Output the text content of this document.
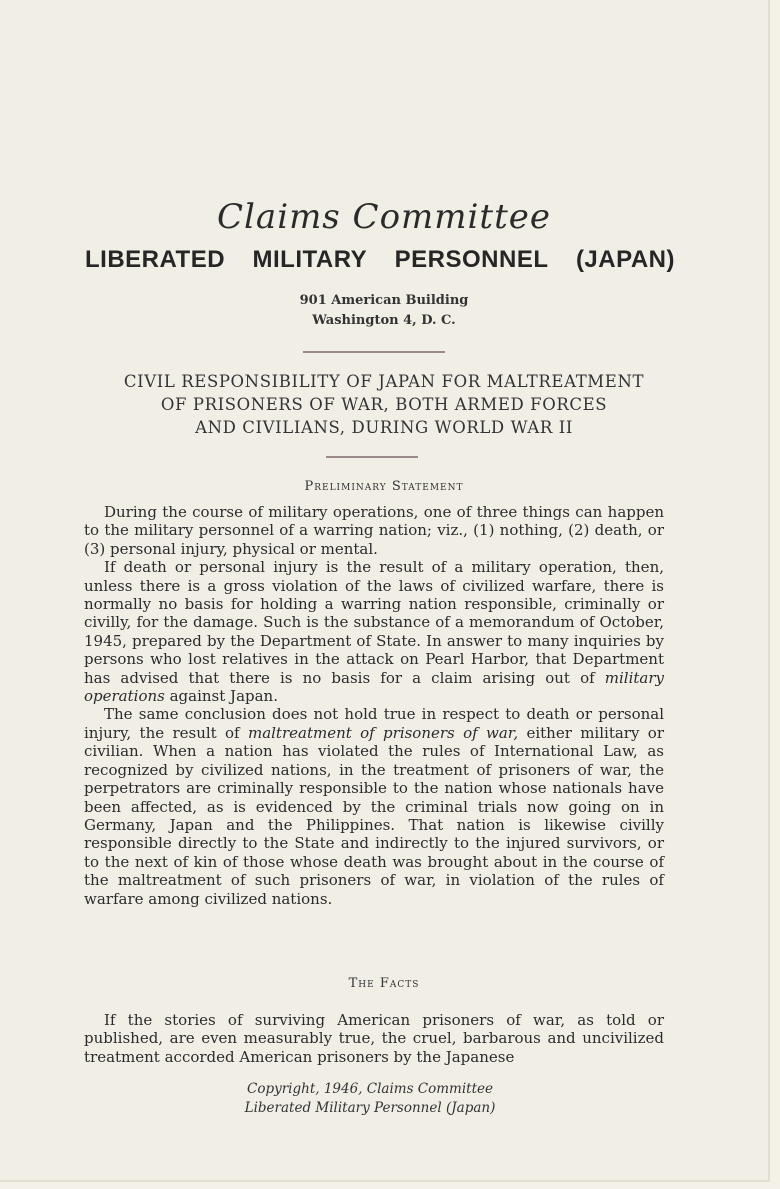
Claims Committee
LIBERATED MILITARY PERSONNEL (JAPAN)
901 American Building
Washington 4, D. C.
CIVIL RESPONSIBILITY OF JAPAN FOR MALTREATMENT
OF PRISONERS OF WAR, BOTH ARMED FORCES
AND CIVILIANS, DURING WORLD WAR II
Preliminary Statement

During the course of military operations, one of three things can happen to the military personnel of a warring nation; viz., (1) nothing, (2) death, or (3) personal injury, physical or mental.

If death or personal injury is the result of a military operation, then, unless there is a gross violation of the laws of civilized warfare, there is normally no basis for holding a warring nation responsible, criminally or civilly, for the damage. Such is the substance of a memorandum of October, 1945, prepared by the Department of State. In answer to many inquiries by persons who lost relatives in the attack on Pearl Harbor, that Department has advised that there is no basis for a claim arising out of military operations against Japan.

The same conclusion does not hold true in respect to death or personal injury, the result of maltreatment of prisoners of war, either military or civilian. When a nation has violated the rules of International Law, as recognized by civilized nations, in the treatment of prisoners of war, the perpetrators are criminally responsible to the nation whose nationals have been affected, as is evidenced by the criminal trials now going on in Germany, Japan and the Philippines. That nation is likewise civilly responsible directly to the State and indirectly to the injured survivors, or to the next of kin of those whose death was brought about in the course of the maltreatment of such prisoners of war, in violation of the rules of warfare among civilized nations.

The Facts

If the stories of surviving American prisoners of war, as told or published, are even measurably true, the cruel, barbarous and uncivilized treatment accorded American prisoners by the Japanese

Copyright, 1946, Claims Committee
Liberated Military Personnel (Japan)
